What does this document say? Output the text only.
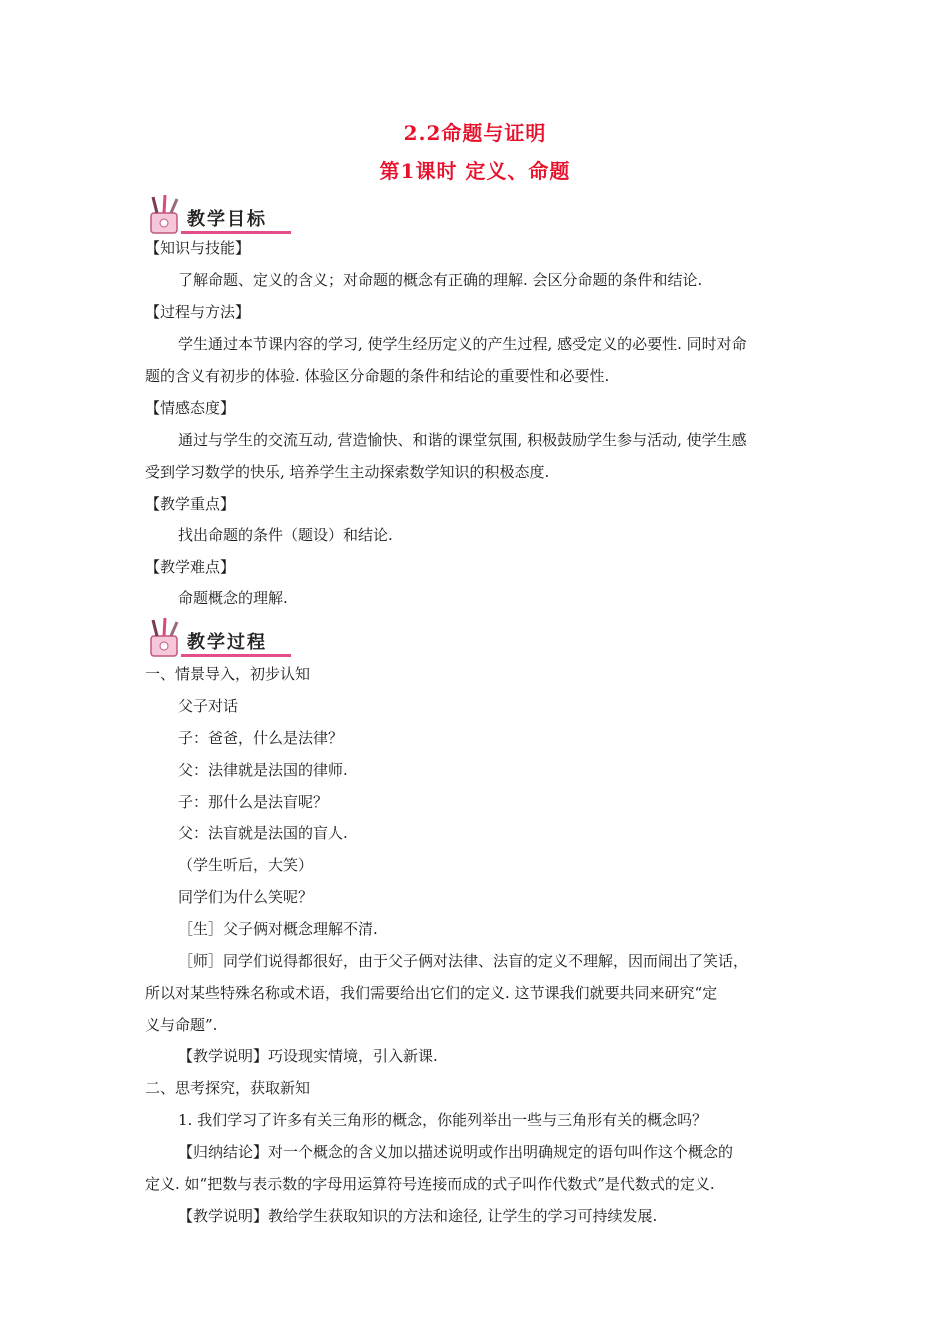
2.2命题与证明
第1课时 定义、命题
教学目标
【知识与技能】
了解命题、定义的含义；对命题的概念有正确的理解. 会区分命题的条件和结论.
【过程与方法】
学生通过本节课内容的学习, 使学生经历定义的产生过程, 感受定义的必要性. 同时对命
题的含义有初步的体验. 体验区分命题的条件和结论的重要性和必要性.
【情感态度】
通过与学生的交流互动, 营造愉快、和谐的课堂氛围, 积极鼓励学生参与活动, 使学生感
受到学习数学的快乐, 培养学生主动探索数学知识的积极态度.
【教学重点】
找出命题的条件（题设）和结论.
【教学难点】
命题概念的理解.
教学过程
一、情景导入，初步认知
父子对话
子：爸爸，什么是法律？
父：法律就是法国的律师.
子：那什么是法盲呢？
父：法盲就是法国的盲人.
（学生听后，大笑）
同学们为什么笑呢？
［生］父子俩对概念理解不清.
［师］同学们说得都很好，由于父子俩对法律、法盲的定义不理解，因而闹出了笑话，
所以对某些特殊名称或术语，我们需要给出它们的定义. 这节课我们就要共同来研究“定
义与命题”.
【教学说明】巧设现实情境，引入新课.
二、思考探究，获取新知
1. 我们学习了许多有关三角形的概念，你能列举出一些与三角形有关的概念吗？
【归纳结论】对一个概念的含义加以描述说明或作出明确规定的语句叫作这个概念的
定义. 如“把数与表示数的字母用运算符号连接而成的式子叫作代数式”是代数式的定义.
【教学说明】教给学生获取知识的方法和途径, 让学生的学习可持续发展.
